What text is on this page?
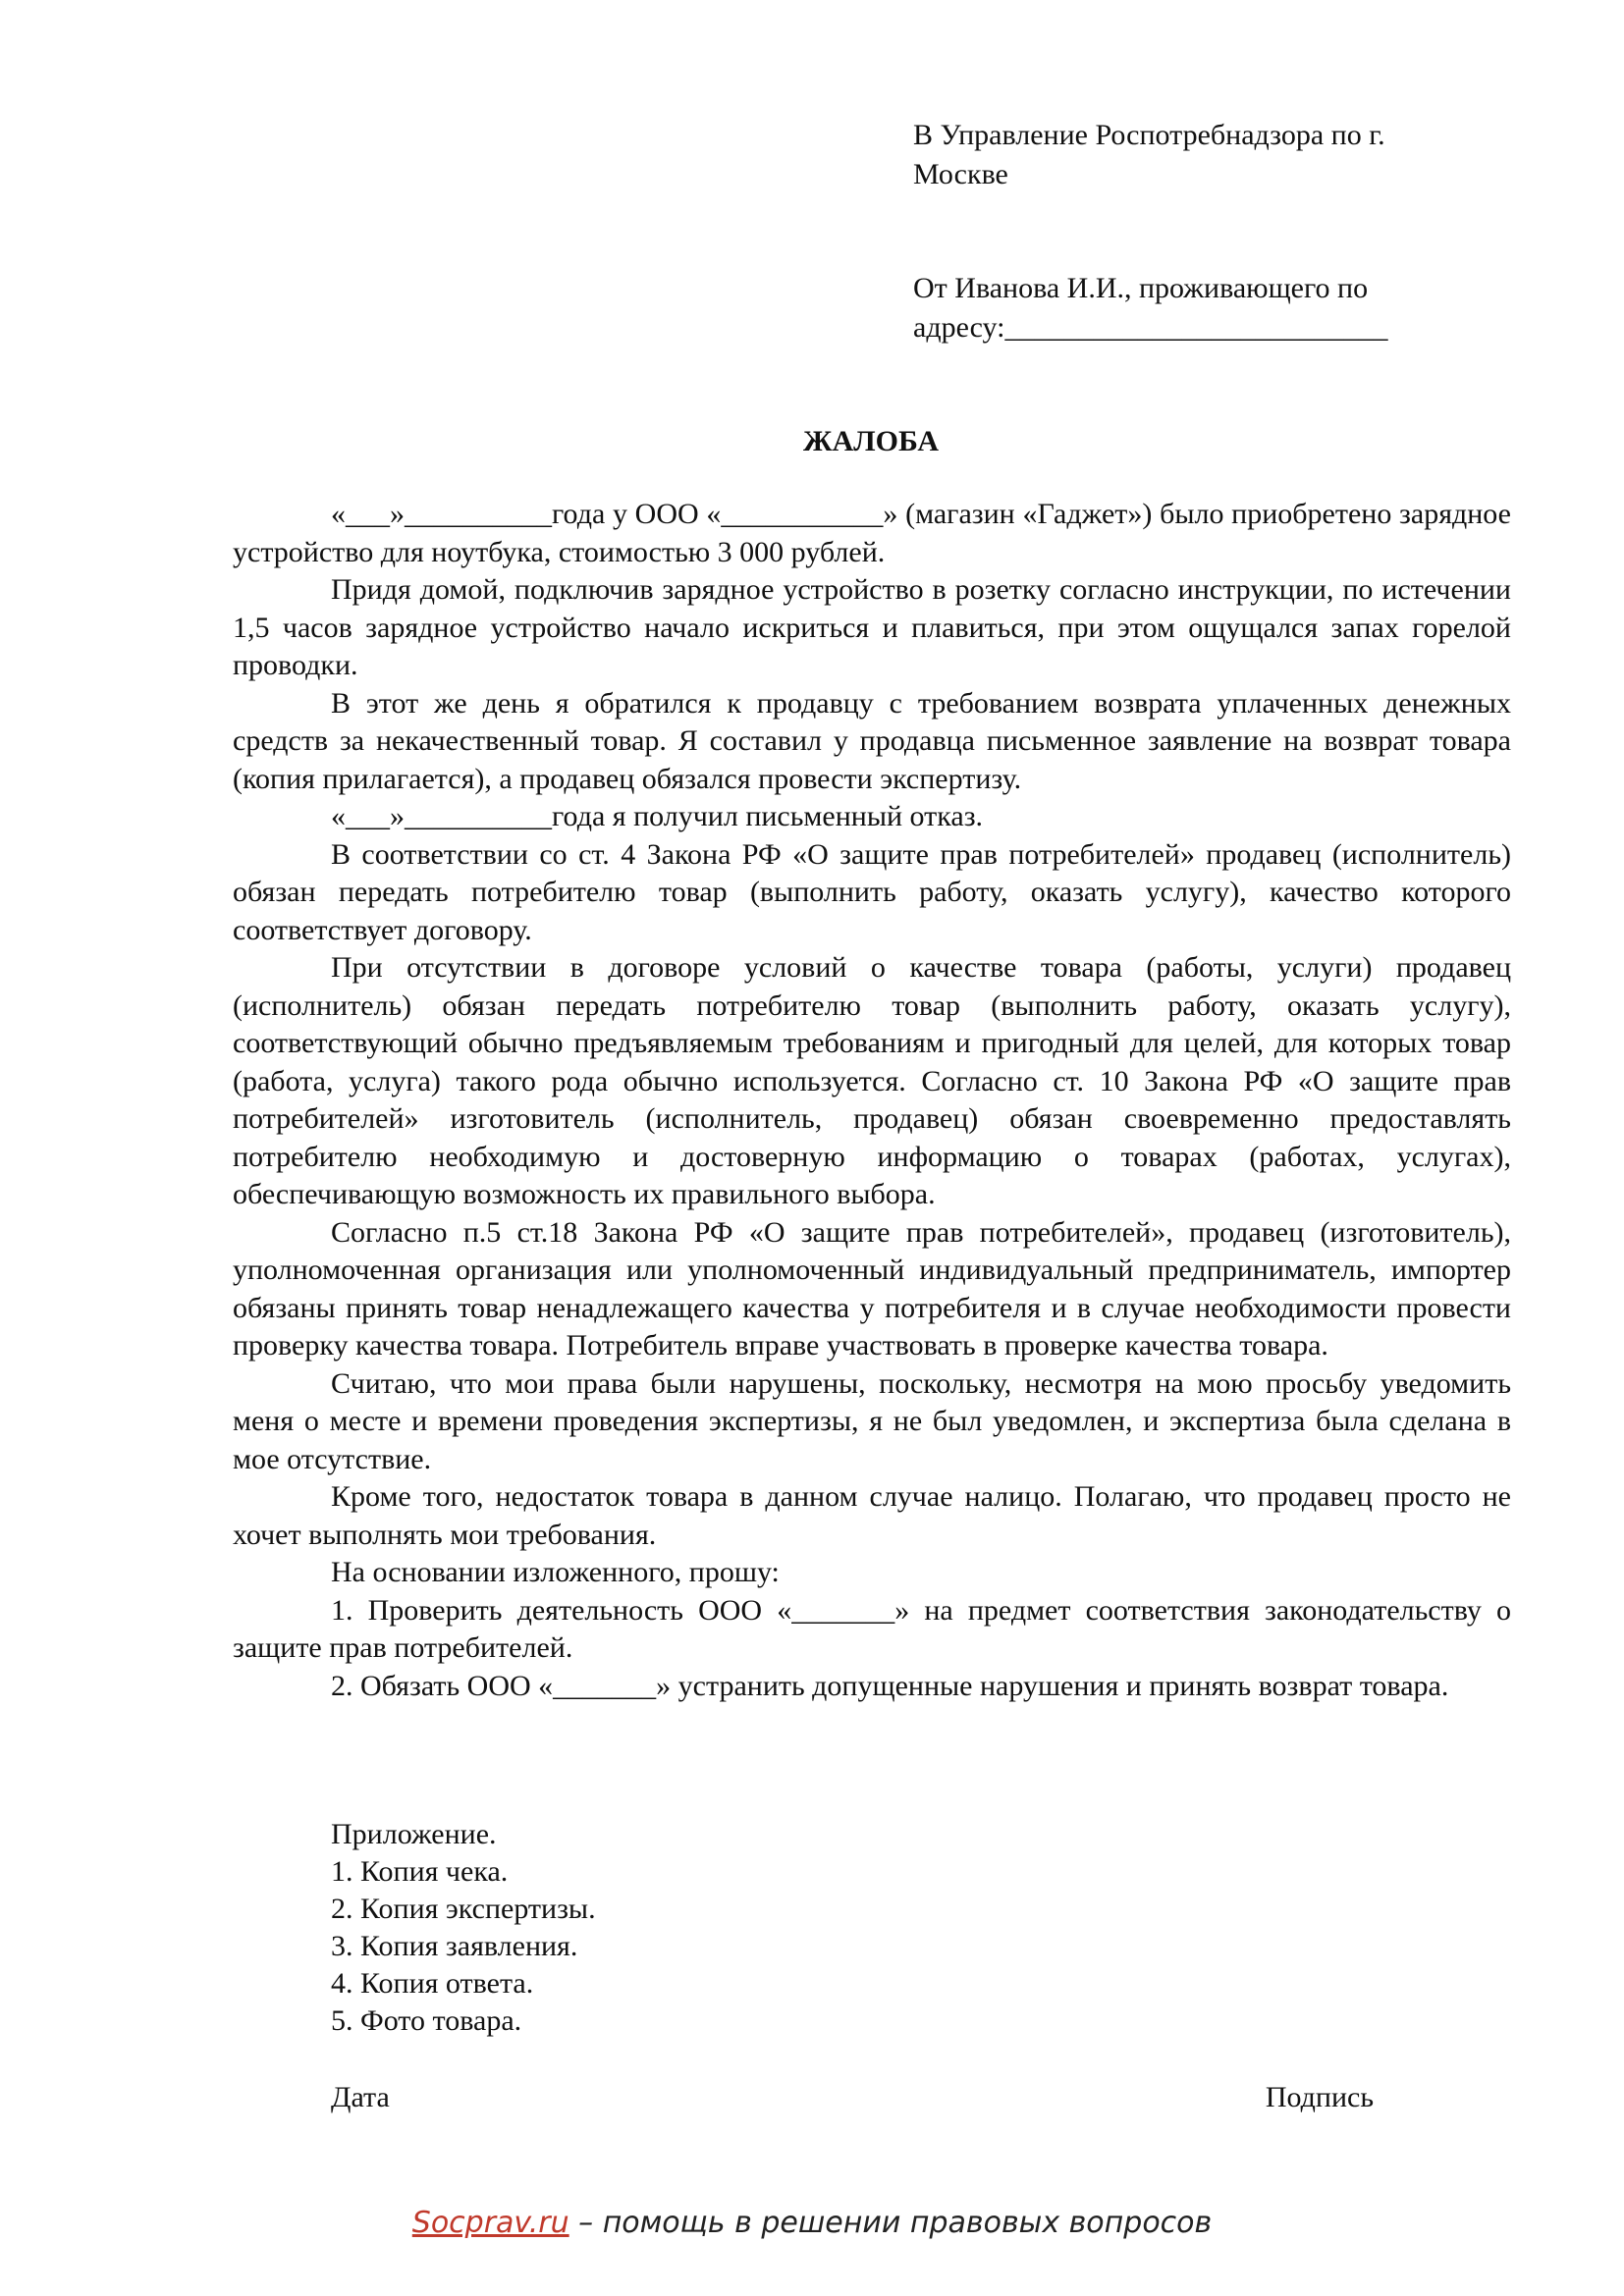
В Управление Роспотребнадзора по г.

Москве

От Иванова И.И., проживающего по

адресу:__________________________

ЖАЛОБА

«___»__________года у ООО «___________» (магазин «Гаджет») было приобретено зарядное устройство для ноутбука, стоимостью 3 000 рублей.

Придя домой, подключив зарядное устройство в розетку согласно инструкции, по истечении 1,5 часов зарядное устройство начало искриться и плавиться, при этом ощущался запах горелой проводки.

В этот же день я обратился к продавцу с требованием возврата уплаченных денежных средств за некачественный товар. Я составил у продавца письменное заявление на возврат товара (копия прилагается), а продавец обязался провести экспертизу.

«___»__________года я получил письменный отказ.

В соответствии со ст. 4 Закона РФ «О защите прав потребителей» продавец (исполнитель) обязан передать потребителю товар (выполнить работу, оказать услугу), качество которого соответствует договору.

При отсутствии в договоре условий о качестве товара (работы, услуги) продавец (исполнитель) обязан передать потребителю товар (выполнить работу, оказать услугу), соответствующий обычно предъявляемым требованиям и пригодный для целей, для которых товар (работа, услуга) такого рода обычно используется. Согласно ст. 10 Закона РФ «О защите прав потребителей» изготовитель (исполнитель, продавец) обязан своевременно предоставлять потребителю необходимую и достоверную информацию о товарах (работах, услугах), обеспечивающую возможность их правильного выбора.

Согласно п.5 ст.18 Закона РФ «О защите прав потребителей», продавец (изготовитель), уполномоченная организация или уполномоченный индивидуальный предприниматель, импортер обязаны принять товар ненадлежащего качества у потребителя и в случае необходимости провести проверку качества товара. Потребитель вправе участвовать в проверке качества товара.

Считаю, что мои права были нарушены, поскольку, несмотря на мою просьбу уведомить меня о месте и времени проведения экспертизы, я не был уведомлен, и экспертиза была сделана в мое отсутствие.

Кроме того, недостаток товара в данном случае налицо. Полагаю, что продавец просто не хочет выполнять мои требования.

На основании изложенного, прошу:

1. Проверить деятельность ООО «_______» на предмет соответствия законодательству о защите прав потребителей.

2. Обязать ООО «_______» устранить допущенные нарушения и принять возврат товара.

Приложение.

1. Копия чека.

2. Копия экспертизы.

3. Копия заявления.

4. Копия ответа.

5. Фото товара.

Дата	Подпись
Socprav.ru – помощь в решении правовых вопросов
